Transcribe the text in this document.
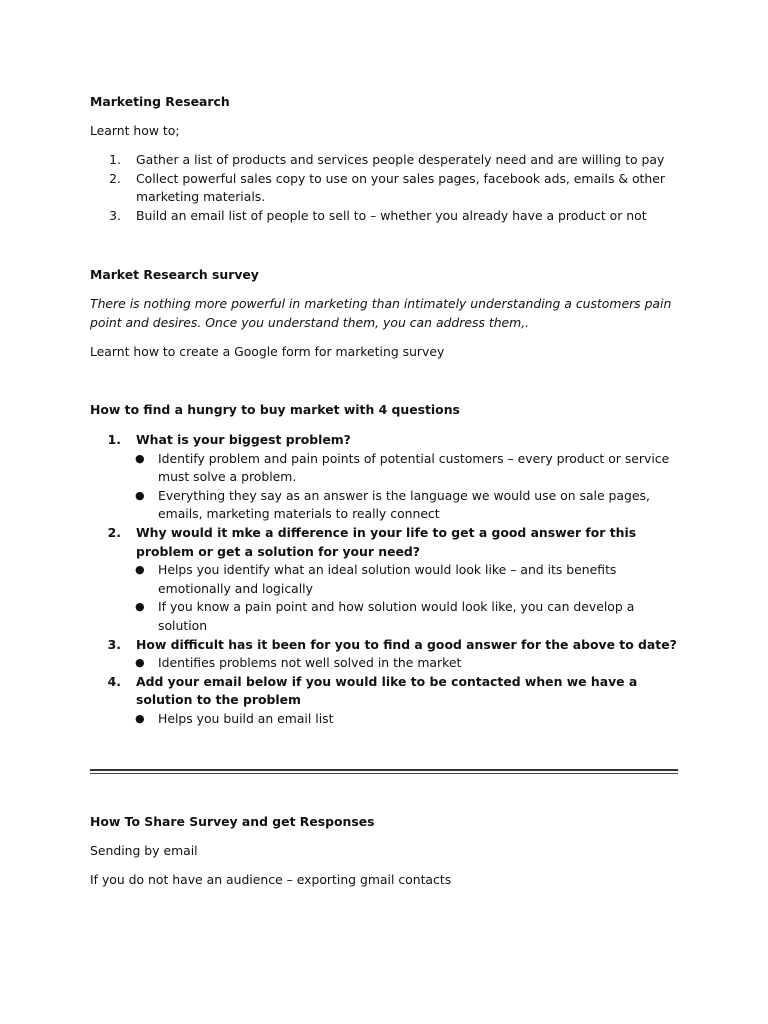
Marketing Research

Learnt how to;

1. Gather a list of products and services people desperately need and are willing to pay
2. Collect powerful sales copy to use on your sales pages, facebook ads, emails & other marketing materials.
3. Build an email list of people to sell to – whether you already have a product or not

Market Research survey

There is nothing more powerful in marketing than intimately understanding a customers pain point and desires. Once you understand them, you can address them,.

Learnt how to create a Google form for marketing survey

How to find a hungry to buy market with 4 questions

1. What is your biggest problem?
● Identify problem and pain points of potential customers – every product or service must solve a problem.
● Everything they say as an answer is the language we would use on sale pages, emails, marketing materials to really connect
2. Why would it mke a difference in your life to get a good answer for this problem or get a solution for your need?
● Helps you identify what an ideal solution would look like – and its benefits emotionally and logically
● If you know a pain point and how solution would look like, you can develop a solution
3. How difficult has it been for you to find a good answer for the above to date?
● Identifies problems not well solved in the market
4. Add your email below if you would like to be contacted when we have a solution to the problem
● Helps you build an email list

How To Share Survey and get Responses

Sending by email

If you do not have an audience – exporting gmail contacts
